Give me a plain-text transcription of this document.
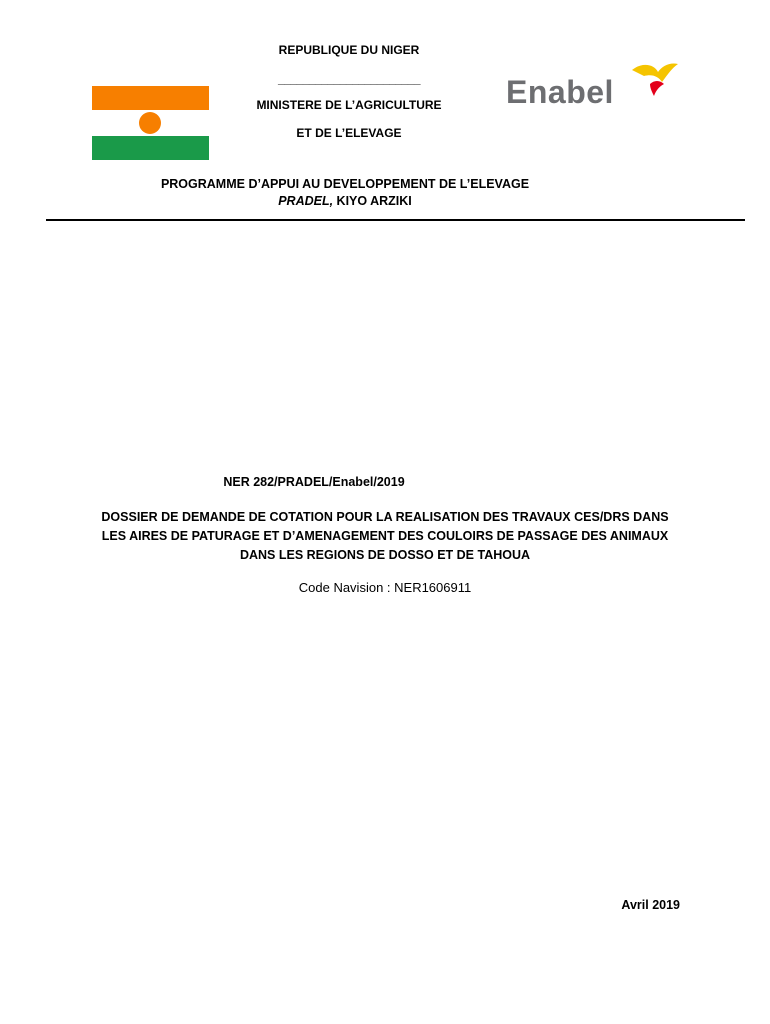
REPUBLIQUE DU NIGER
_______________________
MINISTERE DE L’AGRICULTURE
ET DE L’ELEVAGE
Enabel
PROGRAMME D’APPUI AU DEVELOPPEMENT DE L’ELEVAGE
PRADEL, KIYO ARZIKI
NER 282/PRADEL/Enabel/2019
DOSSIER DE DEMANDE DE COTATION POUR LA REALISATION DES TRAVAUX CES/DRS DANS LES AIRES DE PATURAGE ET D’AMENAGEMENT DES COULOIRS DE PASSAGE DES ANIMAUX DANS LES REGIONS DE DOSSO ET DE TAHOUA
Code Navision : NER1606911
Avril 2019
